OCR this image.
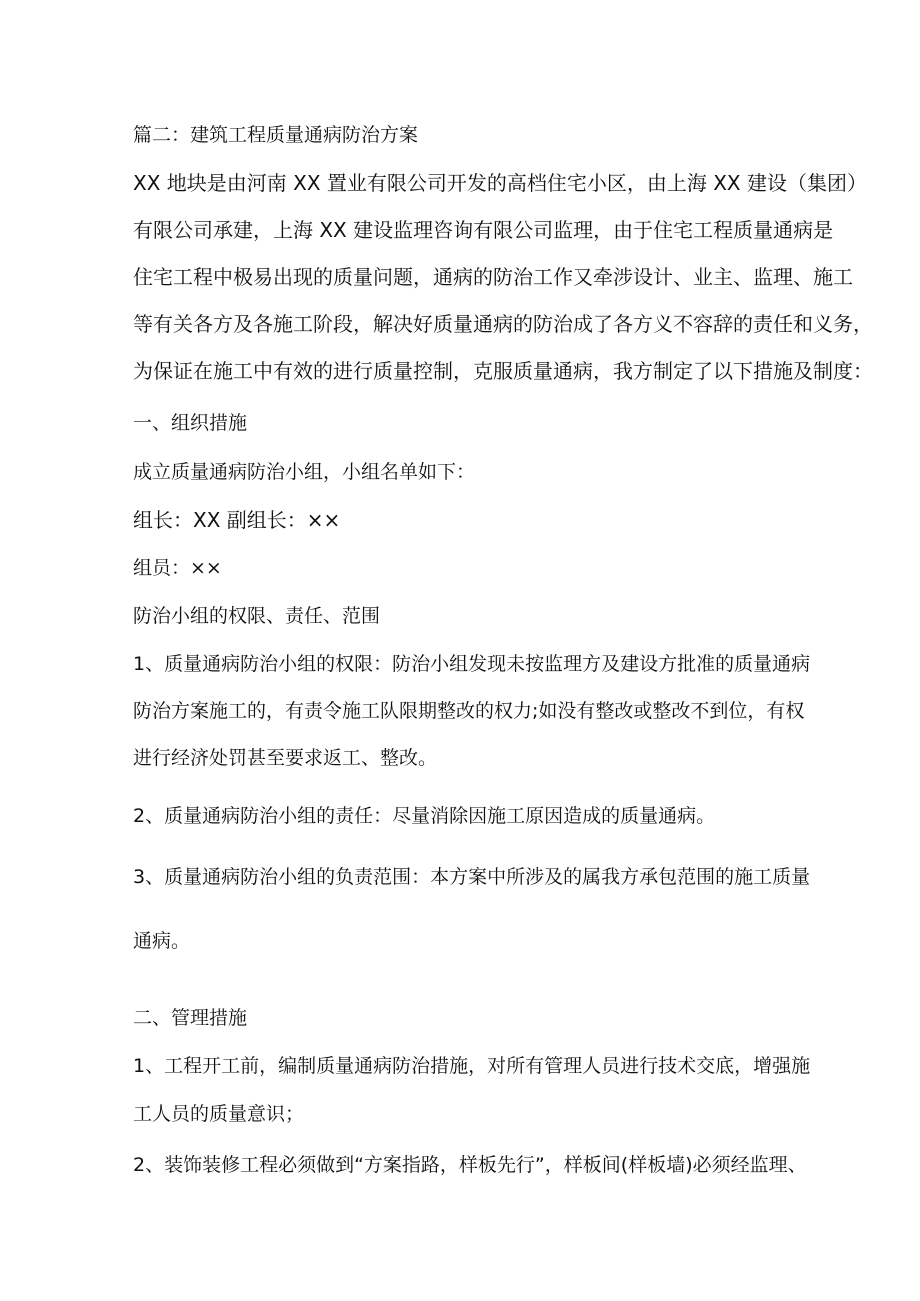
篇二：建筑工程质量通病防治方案
XX 地块是由河南 XX 置业有限公司开发的高档住宅小区，由上海 XX 建设（集团）
有限公司承建，上海 XX 建设监理咨询有限公司监理，由于住宅工程质量通病是
住宅工程中极易出现的质量问题，通病的防治工作又牵涉设计、业主、监理、施工
等有关各方及各施工阶段，解决好质量通病的防治成了各方义不容辞的责任和义务，
为保证在施工中有效的进行质量控制，克服质量通病，我方制定了以下措施及制度：
一、组织措施
成立质量通病防治小组，小组名单如下：
组长：XX 副组长：××
组员：××
防治小组的权限、责任、范围
1、质量通病防治小组的权限：防治小组发现未按监理方及建设方批准的质量通病
防治方案施工的，有责令施工队限期整改的权力;如没有整改或整改不到位，有权
进行经济处罚甚至要求返工、整改。
2、质量通病防治小组的责任：尽量消除因施工原因造成的质量通病。
3、质量通病防治小组的负责范围：本方案中所涉及的属我方承包范围的施工质量
通病。
二、管理措施
1、工程开工前，编制质量通病防治措施，对所有管理人员进行技术交底，增强施
工人员的质量意识；
2、装饰装修工程必须做到“方案指路，样板先行”，样板间(样板墙)必须经监理、
